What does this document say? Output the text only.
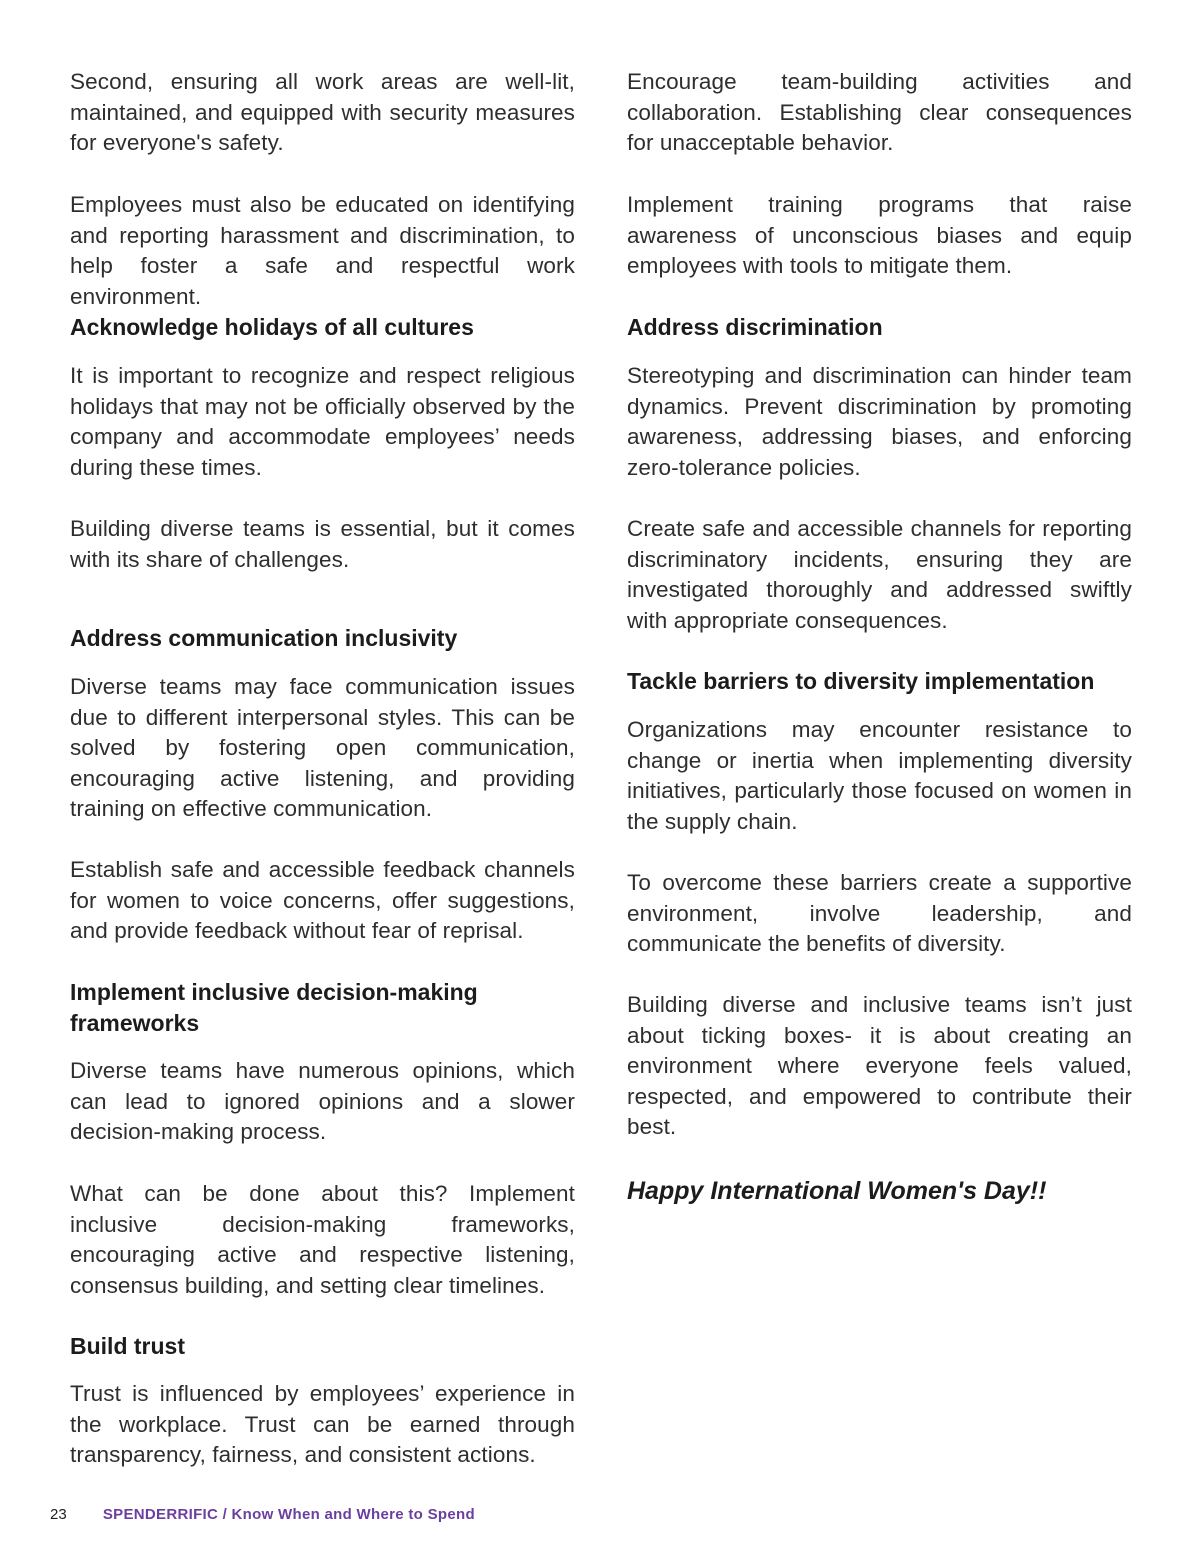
Second, ensuring all work areas are well-lit, maintained, and equipped with security measures for everyone's safety.

Employees must also be educated on identifying and reporting harassment and discrimination, to help foster a safe and respectful work environment.

Acknowledge holidays of all cultures

It is important to recognize and respect religious holidays that may not be officially observed by the company and accommodate employees’ needs during these times.

Building diverse teams is essential, but it comes with its share of challenges.

Address communication inclusivity

Diverse teams may face communication issues due to different interpersonal styles. This can be solved by fostering open communication, encouraging active listening, and providing training on effective communication.

Establish safe and accessible feedback channels for women to voice concerns, offer suggestions, and provide feedback without fear of reprisal.

Implement inclusive decision-making frameworks

Diverse teams have numerous opinions, which can lead to ignored opinions and a slower decision-making process.

What can be done about this? Implement inclusive decision-making frameworks, encouraging active and respective listening, consensus building, and setting clear timelines.

Build trust

Trust is influenced by employees’ experience in the workplace. Trust can be earned through transparency, fairness, and consistent actions.

Encourage team-building activities and collaboration. Establishing clear consequences for unacceptable behavior.

Implement training programs that raise awareness of unconscious biases and equip employees with tools to mitigate them.

Address discrimination

Stereotyping and discrimination can hinder team dynamics. Prevent discrimination by promoting awareness, addressing biases, and enforcing zero-tolerance policies.

Create safe and accessible channels for reporting discriminatory incidents, ensuring they are investigated thoroughly and addressed swiftly with appropriate consequences.

Tackle barriers to diversity implementation

Organizations may encounter resistance to change or inertia when implementing diversity initiatives, particularly those focused on women in the supply chain.

To overcome these barriers create a supportive environment, involve leadership, and communicate the benefits of diversity.

Building diverse and inclusive teams isn’t just about ticking boxes- it is about creating an environment where everyone feels valued, respected, and empowered to contribute their best.

Happy International Women's Day!!

23 SPENDERRIFIC / Know When and Where to Spend
